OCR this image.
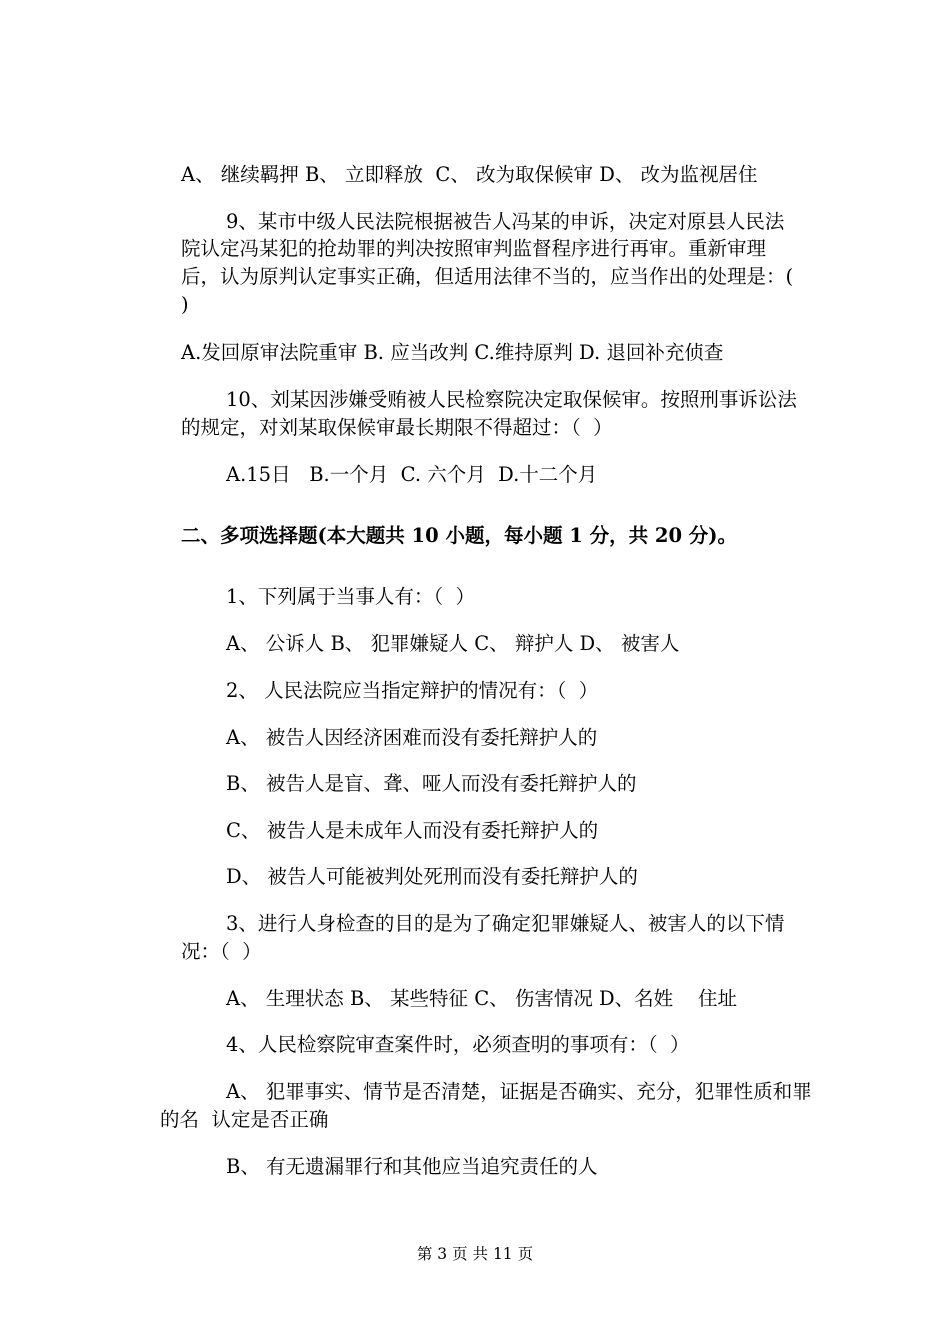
A、 继续羁押 B、 立即释放  C、 改为取保候审 D、 改为监视居住
9、某市中级人民法院根据被告人冯某的申诉，决定对原县人民法
院认定冯某犯的抢劫罪的判决按照审判监督程序进行再审。重新审理
后，认为原判认定事实正确，但适用法律不当的，应当作出的处理是：(
)
A.发回原审法院重审 B. 应当改判 C.维持原判 D. 退回补充侦查
10、刘某因涉嫌受贿被人民检察院决定取保候审。按照刑事诉讼法
的规定，对刘某取保候审最长期限不得超过：（  ）
A.15日   B.一个月  C. 六个月  D.十二个月
二、多项选择题(本大题共 10 小题，每小题 1 分，共 20 分)。
1、下列属于当事人有：（  ）
A、 公诉人 B、 犯罪嫌疑人 C、 辩护人 D、 被害人
2、 人民法院应当指定辩护的情况有：（  ）
A、 被告人因经济困难而没有委托辩护人的
B、 被告人是盲、聋、哑人而没有委托辩护人的
C、 被告人是未成年人而没有委托辩护人的
D、 被告人可能被判处死刑而没有委托辩护人的
3、进行人身检查的目的是为了确定犯罪嫌疑人、被害人的以下情
况：（  ）
A、 生理状态 B、 某些特征 C、 伤害情况 D、名姓    住址
4、人民检察院审查案件时，必须查明的事项有：（  ）
A、 犯罪事实、情节是否清楚，证据是否确实、充分，犯罪性质和罪
的名  认定是否正确
B、 有无遗漏罪行和其他应当追究责任的人
第 3 页 共 11 页
